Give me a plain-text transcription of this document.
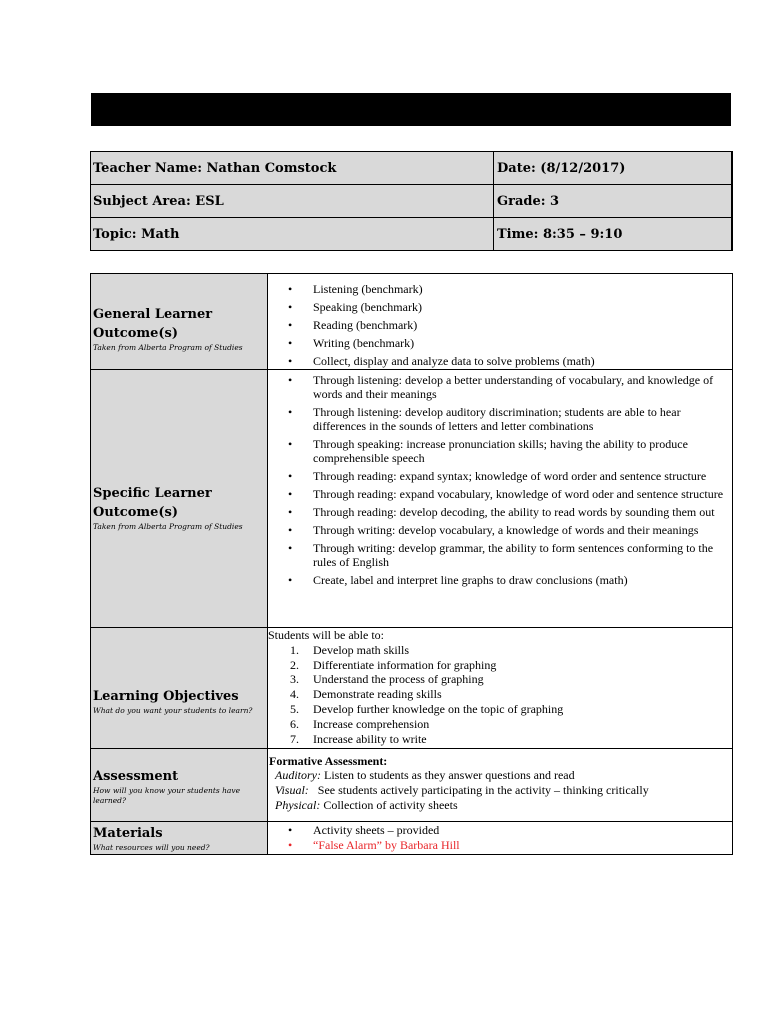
Teacher Name: Nathan Comstock	Date: (8/12/2017)
Subject Area: ESL	Grade: 3
Topic: Math	Time: 8:35 – 9:10
General Learner Outcome(s)
Taken from Alberta Program of Studies
• Listening (benchmark)
• Speaking (benchmark)
• Reading (benchmark)
• Writing (benchmark)
• Collect, display and analyze data to solve problems (math)
Specific Learner Outcome(s)
Taken from Alberta Program of Studies
• Through listening: develop a better understanding of vocabulary, and knowledge of words and their meanings
• Through listening: develop auditory discrimination; students are able to hear differences in the sounds of letters and letter combinations
• Through speaking: increase pronunciation skills; having the ability to produce comprehensible speech
• Through reading: expand syntax; knowledge of word order and sentence structure
• Through reading: expand vocabulary, knowledge of word oder and sentence structure
• Through reading: develop decoding, the ability to read words by sounding them out
• Through writing: develop vocabulary, a knowledge of words and their meanings
• Through writing: develop grammar, the ability to form sentences conforming to the rules of English
• Create, label and interpret line graphs to draw conclusions (math)
Learning Objectives
What do you want your students to learn?
Students will be able to:
1. Develop math skills
2. Differentiate information for graphing
3. Understand the process of graphing
4. Demonstrate reading skills
5. Develop further knowledge on the topic of graphing
6. Increase comprehension
7. Increase ability to write
Assessment
How will you know your students have learned?
Formative Assessment:
Auditory: Listen to students as they answer questions and read
Visual:   See students actively participating in the activity – thinking critically
Physical: Collection of activity sheets
Materials
What resources will you need?
• Activity sheets – provided
• “False Alarm” by Barbara Hill
